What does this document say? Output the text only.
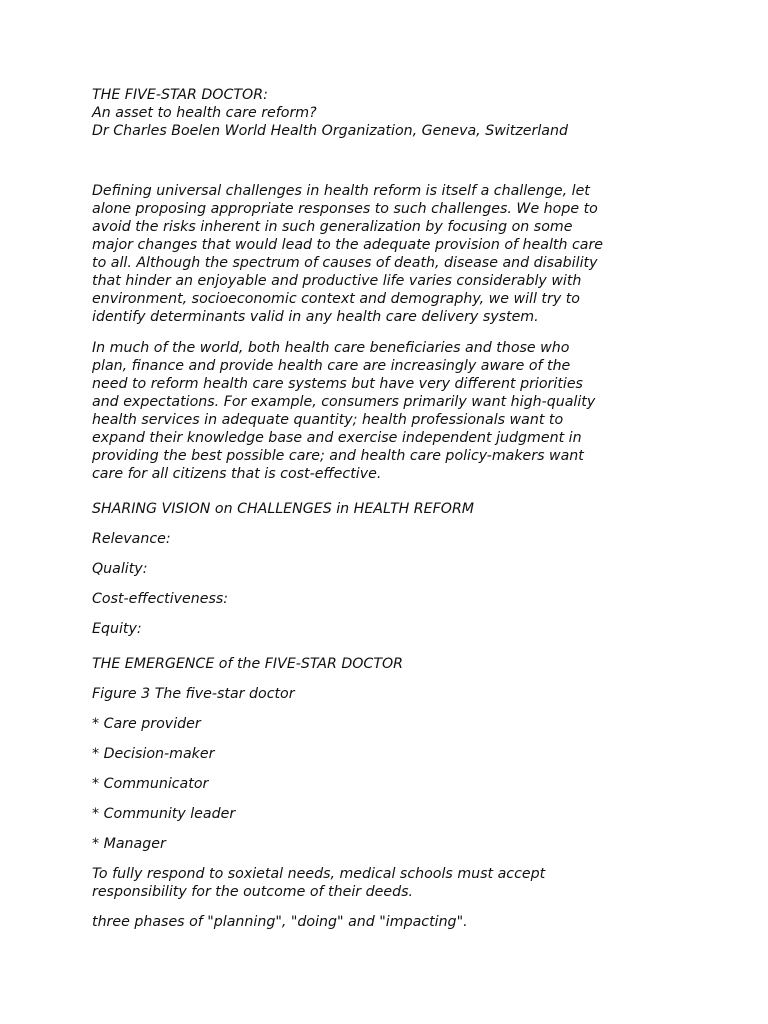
THE FIVE-STAR DOCTOR:

An asset to health care reform?

Dr Charles Boelen World Health Organization, Geneva, Switzerland

Defining universal challenges in health reform is itself a challenge, let
alone proposing appropriate responses to such challenges. We hope to
avoid the risks inherent in such generalization by focusing on some
major changes that would lead to the adequate provision of health care
to all. Although the spectrum of causes of death, disease and disability
that hinder an enjoyable and productive life varies considerably with
environment, socioeconomic context and demography, we will try to
identify determinants valid in any health care delivery system.

In much of the world, both health care beneficiaries and those who
plan, finance and provide health care are increasingly aware of the
need to reform health care systems but have very different priorities
and expectations. For example, consumers primarily want high-quality
health services in adequate quantity; health professionals want to
expand their knowledge base and exercise independent judgment in
providing the best possible care; and health care policy-makers want
care for all citizens that is cost-effective.

SHARING VISION on CHALLENGES in HEALTH REFORM

Relevance:

Quality:

Cost-effectiveness:

Equity:

THE EMERGENCE of the FIVE-STAR DOCTOR

Figure 3 The five-star doctor

* Care provider

* Decision-maker

* Communicator

* Community leader

* Manager

To fully respond to soxietal needs, medical schools must accept
responsibility for the outcome of their deeds.

three phases of "planning", "doing" and "impacting".
